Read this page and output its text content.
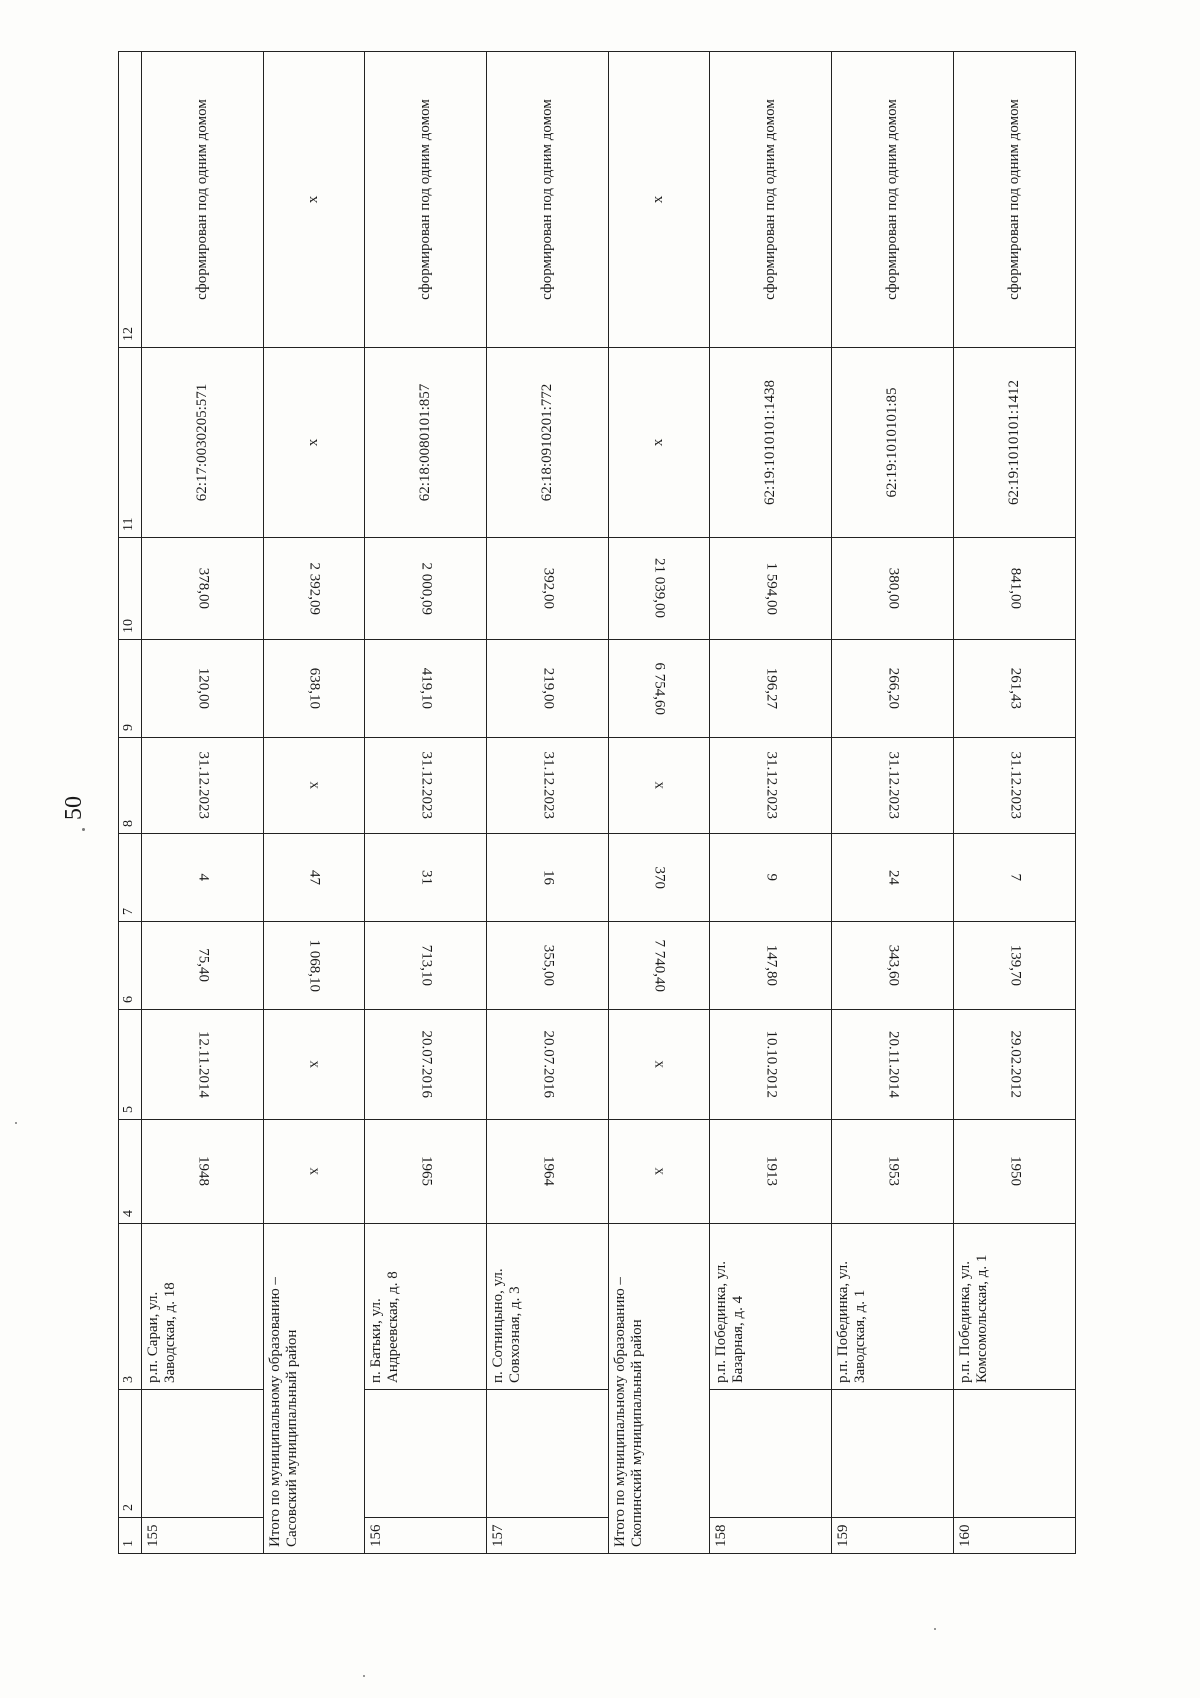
50
1	2	3	4	5	6	7	8	9	10	11	12
155		р.п. Сараи, ул. Заводская, д. 18	1948	12.11.2014	75,40	4	31.12.2023	120,00	378,00	62:17:0030205:571	сформирован под одним домом
Итого по муниципальному образованию – Сасовский муниципальный район			х	х	1 068,10	47	х	638,10	2 392,09	х	х
156		п. Батьки, ул. Андреевская, д. 8	1965	20.07.2016	713,10	31	31.12.2023	419,10	2 000,09	62:18:0080101:857	сформирован под одним домом
157		п. Сотницыно, ул. Совхозная, д. 3	1964	20.07.2016	355,00	16	31.12.2023	219,00	392,00	62:18:0910201:772	сформирован под одним домом
Итого по муниципальному образованию – Скопинский муниципальный район			х	х	7 740,40	370	х	6 754,60	21 039,00	х	х
158		р.п. Побединка, ул. Базарная, д. 4	1913	10.10.2012	147,80	9	31.12.2023	196,27	1 594,00	62:19:1010101:1438	сформирован под одним домом
159		р.п. Побединка, ул. Заводская, д. 1	1953	20.11.2014	343,60	24	31.12.2023	266,20	380,00	62:19:1010101:85	сформирован под одним домом
160		р.п. Побединка, ул. Комсомольская, д. 1	1950	29.02.2012	139,70	7	31.12.2023	261,43	841,00	62:19:1010101:1412	сформирован под одним домом
